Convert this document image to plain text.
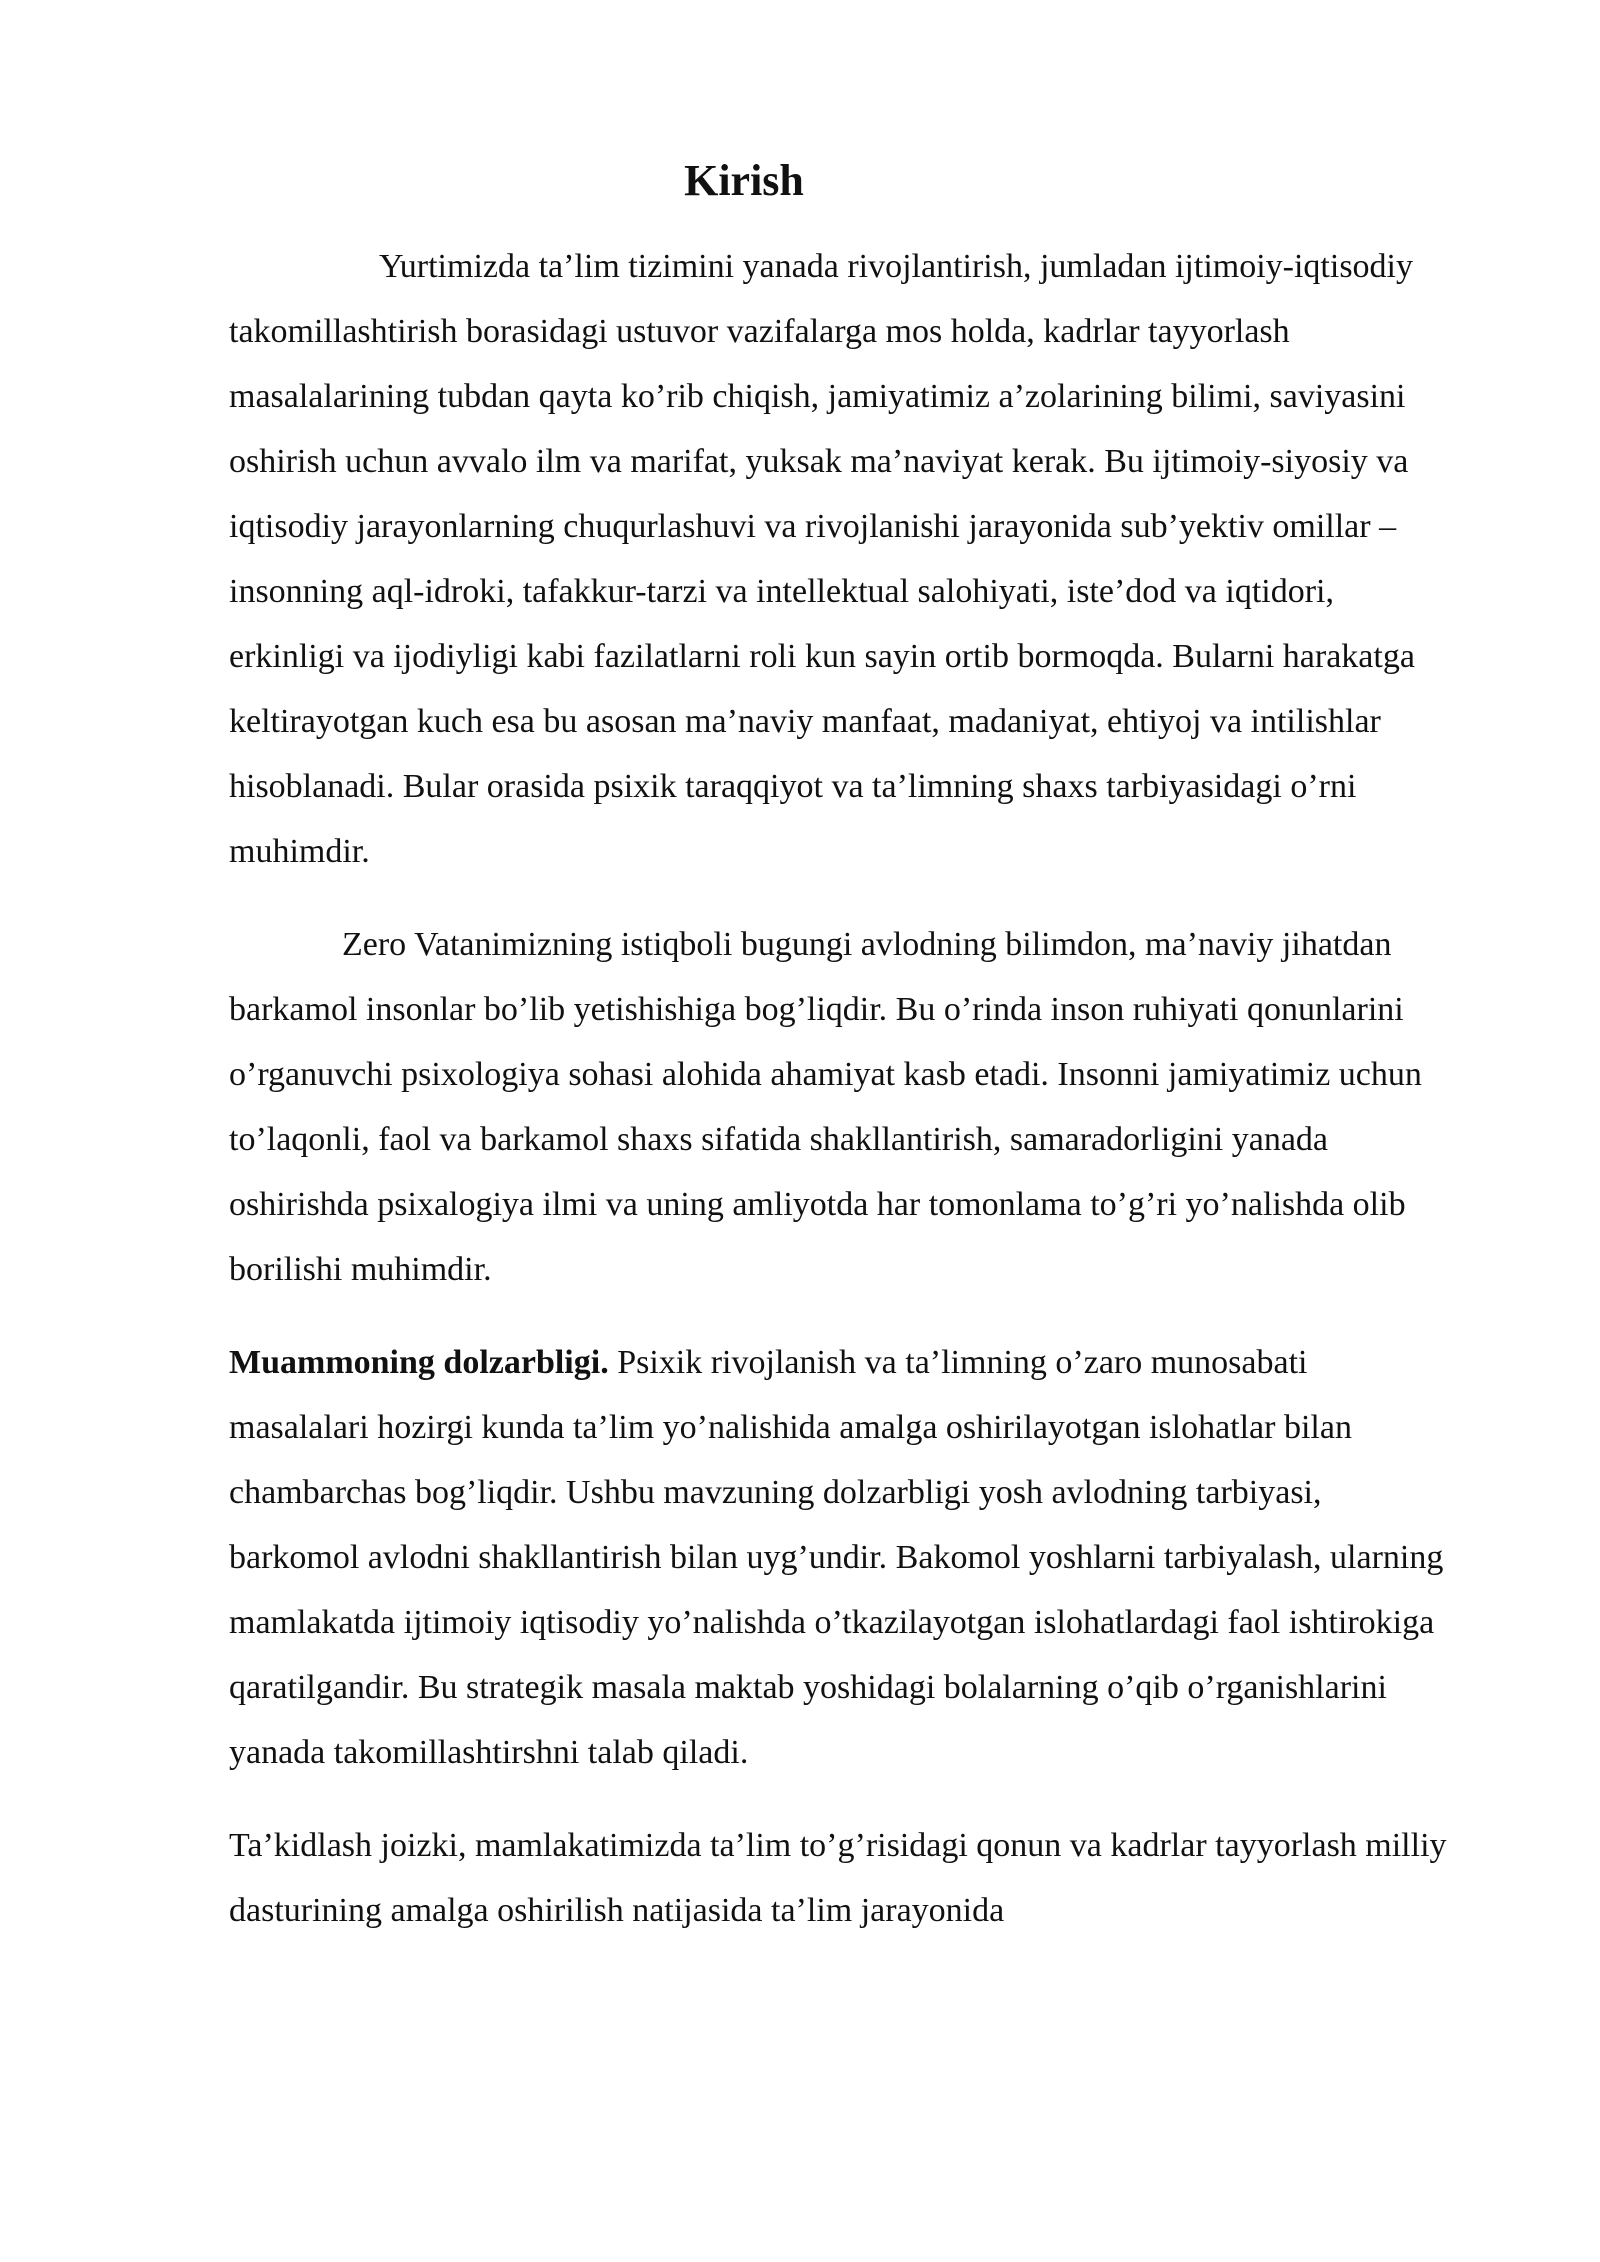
Kirish

Yurtimizda ta’lim tizimini yanada rivojlantirish, jumladan ijtimoiy-iqtisodiy takomillashtirish borasidagi ustuvor vazifalarga mos holda, kadrlar tayyorlash masalalarining tubdan qayta ko’rib chiqish, jamiyatimiz a’zolarining bilimi, saviyasini oshirish uchun avvalo ilm va marifat, yuksak ma’naviyat kerak. Bu ijtimoiy-siyosiy va iqtisodiy jarayonlarning chuqurlashuvi va rivojlanishi jarayonida sub’yektiv omillar – insonning aql-idroki, tafakkur-tarzi va intellektual salohiyati, iste’dod va iqtidori, erkinligi va ijodiyligi kabi fazilatlarni roli kun sayin ortib bormoqda. Bularni harakatga keltirayotgan kuch esa bu asosan ma’naviy manfaat, madaniyat, ehtiyoj va intilishlar hisoblanadi. Bular orasida psixik taraqqiyot va ta’limning shaxs tarbiyasidagi o’rni muhimdir.

Zero Vatanimizning istiqboli bugungi avlodning bilimdon, ma’naviy jihatdan barkamol insonlar bo’lib yetishishiga bog’liqdir. Bu o’rinda inson ruhiyati qonunlarini o’rganuvchi psixologiya sohasi alohida ahamiyat kasb etadi. Insonni jamiyatimiz uchun to’laqonli, faol va barkamol shaxs sifatida shakllantirish, samaradorligini yanada oshirishda psixalogiya ilmi va uning amliyotda har tomonlama to’g’ri yo’nalishda olib borilishi muhimdir.

Muammoning dolzarbligi. Psixik rivojlanish va ta’limning o’zaro munosabati masalalari hozirgi kunda ta’lim yo’nalishida amalga oshirilayotgan islohatlar bilan chambarchas bog’liqdir. Ushbu mavzuning dolzarbligi yosh avlodning tarbiyasi, barkomol avlodni shakllantirish bilan uyg’undir. Bakomol yoshlarni tarbiyalash, ularning mamlakatda ijtimoiy iqtisodiy yo’nalishda o’tkazilayotgan islohatlardagi faol ishtirokiga qaratilgandir. Bu strategik masala maktab yoshidagi bolalarning o’qib o’rganishlarini yanada takomillashtirshni talab qiladi.

Ta’kidlash joizki, mamlakatimizda ta’lim to’g’risidagi qonun va kadrlar tayyorlash milliy dasturining amalga oshirilish natijasida ta’lim jarayonida
